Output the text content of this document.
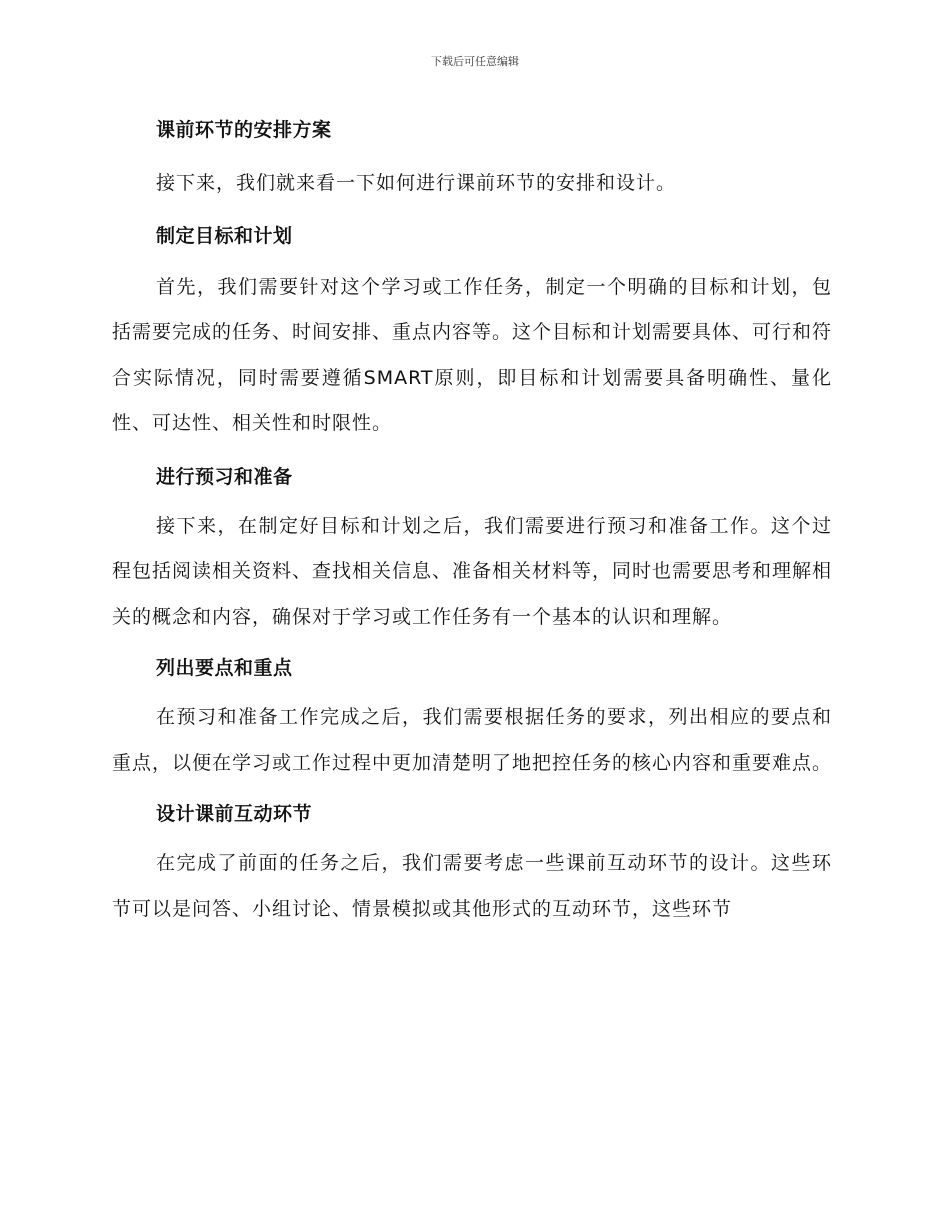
下载后可任意编辑
课前环节的安排方案

接下来，我们就来看一下如何进行课前环节的安排和设计。

制定目标和计划

首先，我们需要针对这个学习或工作任务，制定一个明确的目标和计划，包括需要完成的任务、时间安排、重点内容等。这个目标和计划需要具体、可行和符合实际情况，同时需要遵循SMART原则，即目标和计划需要具备明确性、量化性、可达性、相关性和时限性。

进行预习和准备

接下来，在制定好目标和计划之后，我们需要进行预习和准备工作。这个过程包括阅读相关资料、查找相关信息、准备相关材料等，同时也需要思考和理解相关的概念和内容，确保对于学习或工作任务有一个基本的认识和理解。

列出要点和重点

在预习和准备工作完成之后，我们需要根据任务的要求，列出相应的要点和重点，以便在学习或工作过程中更加清楚明了地把控任务的核心内容和重要难点。

设计课前互动环节

在完成了前面的任务之后，我们需要考虑一些课前互动环节的设计。这些环节可以是问答、小组讨论、情景模拟或其他形式的互动环节，这些环节
